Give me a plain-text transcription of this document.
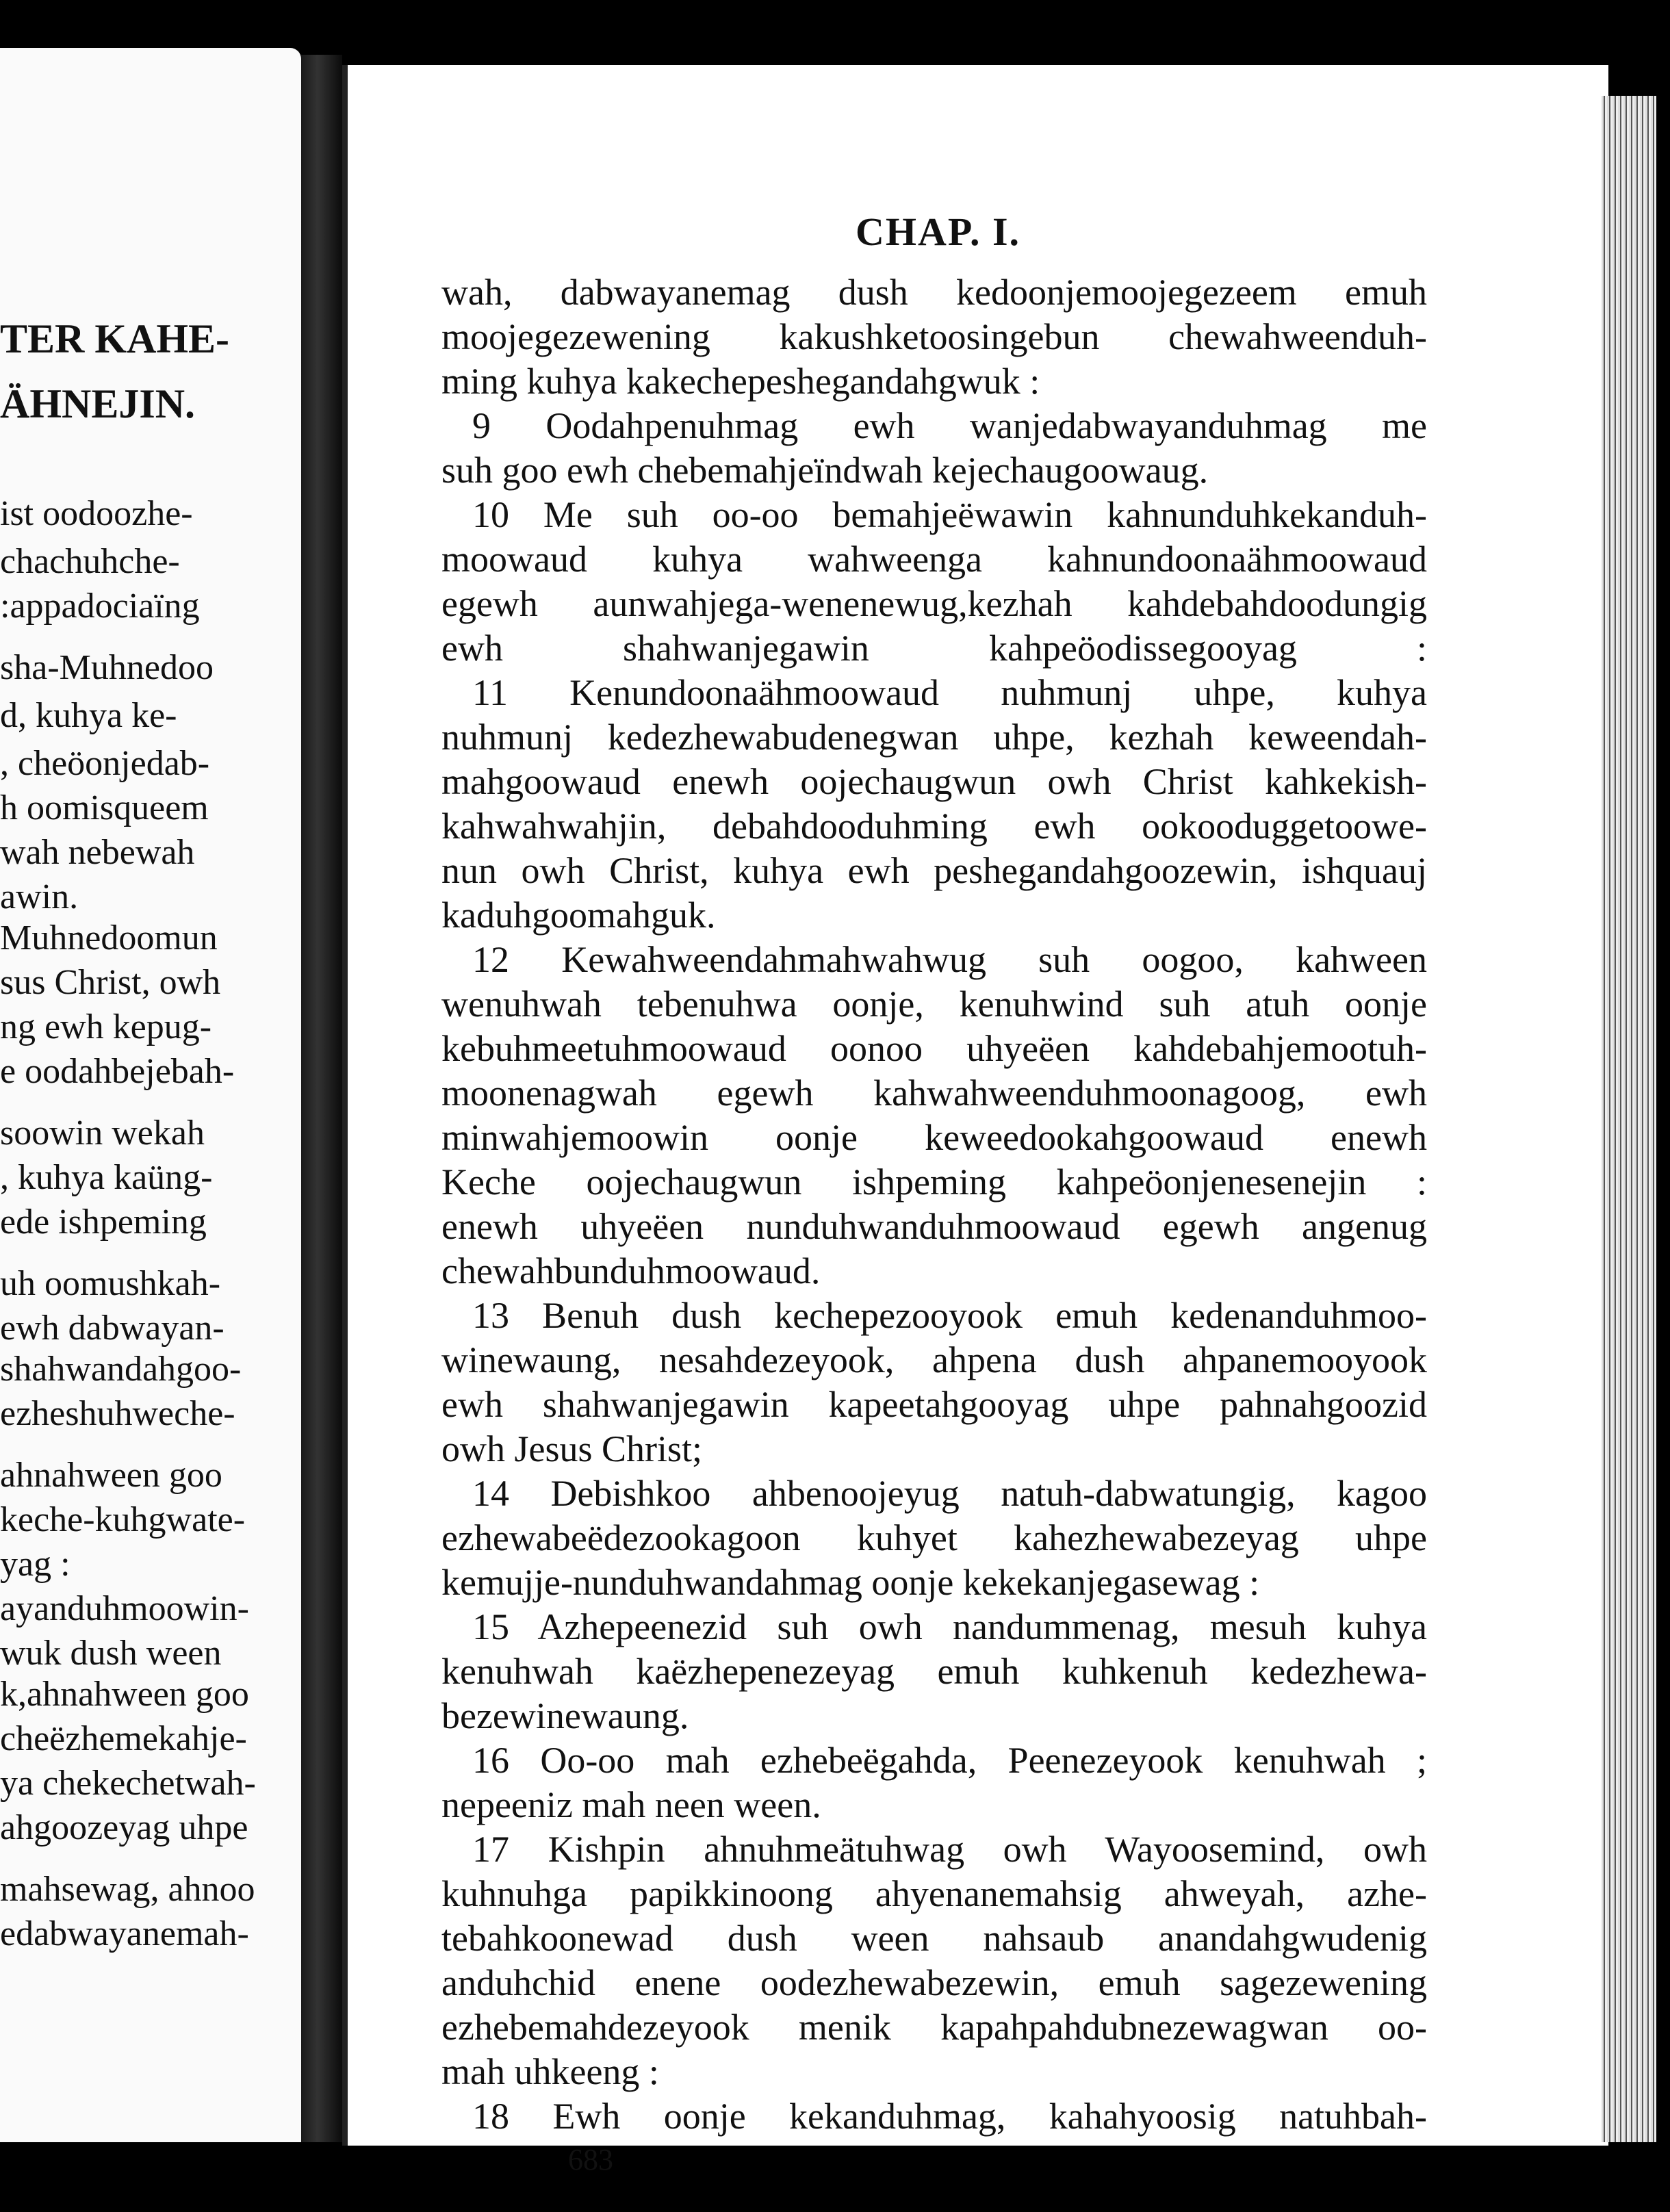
TER KAHE-
ÄHNEJIN.
ist oodoozhe-
chachuhche-
:appadociaïng
sha-Muhnedoo
d, kuhya ke-
, cheöonjedab-
h oomisqueem
wah nebewah
awin.
Muhnedoomun
sus Christ, owh
ng ewh kepug-
e oodahbejebah-
soowin wekah
, kuhya kaüng-
ede ishpeming
uh oomushkah-
ewh dabwayan-
shahwandahgoo-
ezheshuhweche-
ahnahween goo
keche-kuhgwate-
yag :
ayanduhmoowin-
wuk dush ween
k,ahnahween goo
cheëzhemekahje-
ya chekechetwah-
ahgoozeyag uhpe
mahsewag, ahnoo
edabwayanemah-
CHAP. I.
wah, dabwayanemag dush kedoonjemoojegezeem emuh
moojegezewening kakushketoosingebun chewahweenduh-
ming kuhya kakechepeshegandahgwuk :
9 Oodahpenuhmag ewh wanjedabwayanduhmag me
suh goo ewh chebemahjeïndwah kejechaugoowaug.
10 Me suh oo-oo bemahjeëwawin kahnunduhkekanduh-
moowaud kuhya wahweenga kahnundoonaähmoowaud
egewh aunwahjega-wenenewug,kezhah kahdebahdoodungig
ewh shahwanjegawin kahpeöodissegooyag :
11 Kenundoonaähmoowaud nuhmunj uhpe, kuhya
nuhmunj kedezhewabudenegwan uhpe, kezhah keweendah-
mahgoowaud enewh oojechaugwun owh Christ kahkekish-
kahwahwahjin, debahdooduhming ewh ookooduggetoowe-
nun owh Christ, kuhya ewh peshegandahgoozewin, ishquauj
kaduhgoomahguk.
12 Kewahweendahmahwahwug suh oogoo, kahween
wenuhwah tebenuhwa oonje, kenuhwind suh atuh oonje
kebuhmeetuhmoowaud oonoo uhyeëen kahdebahjemootuh-
moonenagwah egewh kahwahweenduhmoonagoog, ewh
minwahjemoowin oonje keweedookahgoowaud enewh
Keche oojechaugwun ishpeming kahpeöonjenesenejin :
enewh uhyeëen nunduhwanduhmoowaud egewh angenug
chewahbunduhmoowaud.
13 Benuh dush kechepezooyook emuh kedenanduhmoo-
winewaung, nesahdezeyook, ahpena dush ahpanemooyook
ewh shahwanjegawin kapeetahgooyag uhpe pahnahgoozid
owh Jesus Christ;
14 Debishkoo ahbenoojeyug natuh-dabwatungig, kagoo
ezhewabeëdezookagoon kuhyet kahezhewabezeyag uhpe
kemujje-nunduhwandahmag oonje kekekanjegasewag :
15 Azhepeenezid suh owh nandummenag, mesuh kuhya
kenuhwah kaëzhepenezeyag emuh kuhkenuh kedezhewa-
bezewinewaung.
16 Oo-oo mah ezhebeëgahda, Peenezeyook kenuhwah ;
nepeeniz mah neen ween.
17 Kishpin ahnuhmeätuhwag owh Wayoosemind, owh
kuhnuhga papikkinoong ahyenanemahsig ahweyah, azhe-
tebahkoonewad dush ween nahsaub anandahgwudenig
anduhchid enene oodezhewabezewin, emuh sagezewening
ezhebemahdezeyook menik kapahpahdubnezewagwan oo-
mah uhkeeng :
18 Ewh oonje kekanduhmag, kahahyoosig natuhbah-
683
